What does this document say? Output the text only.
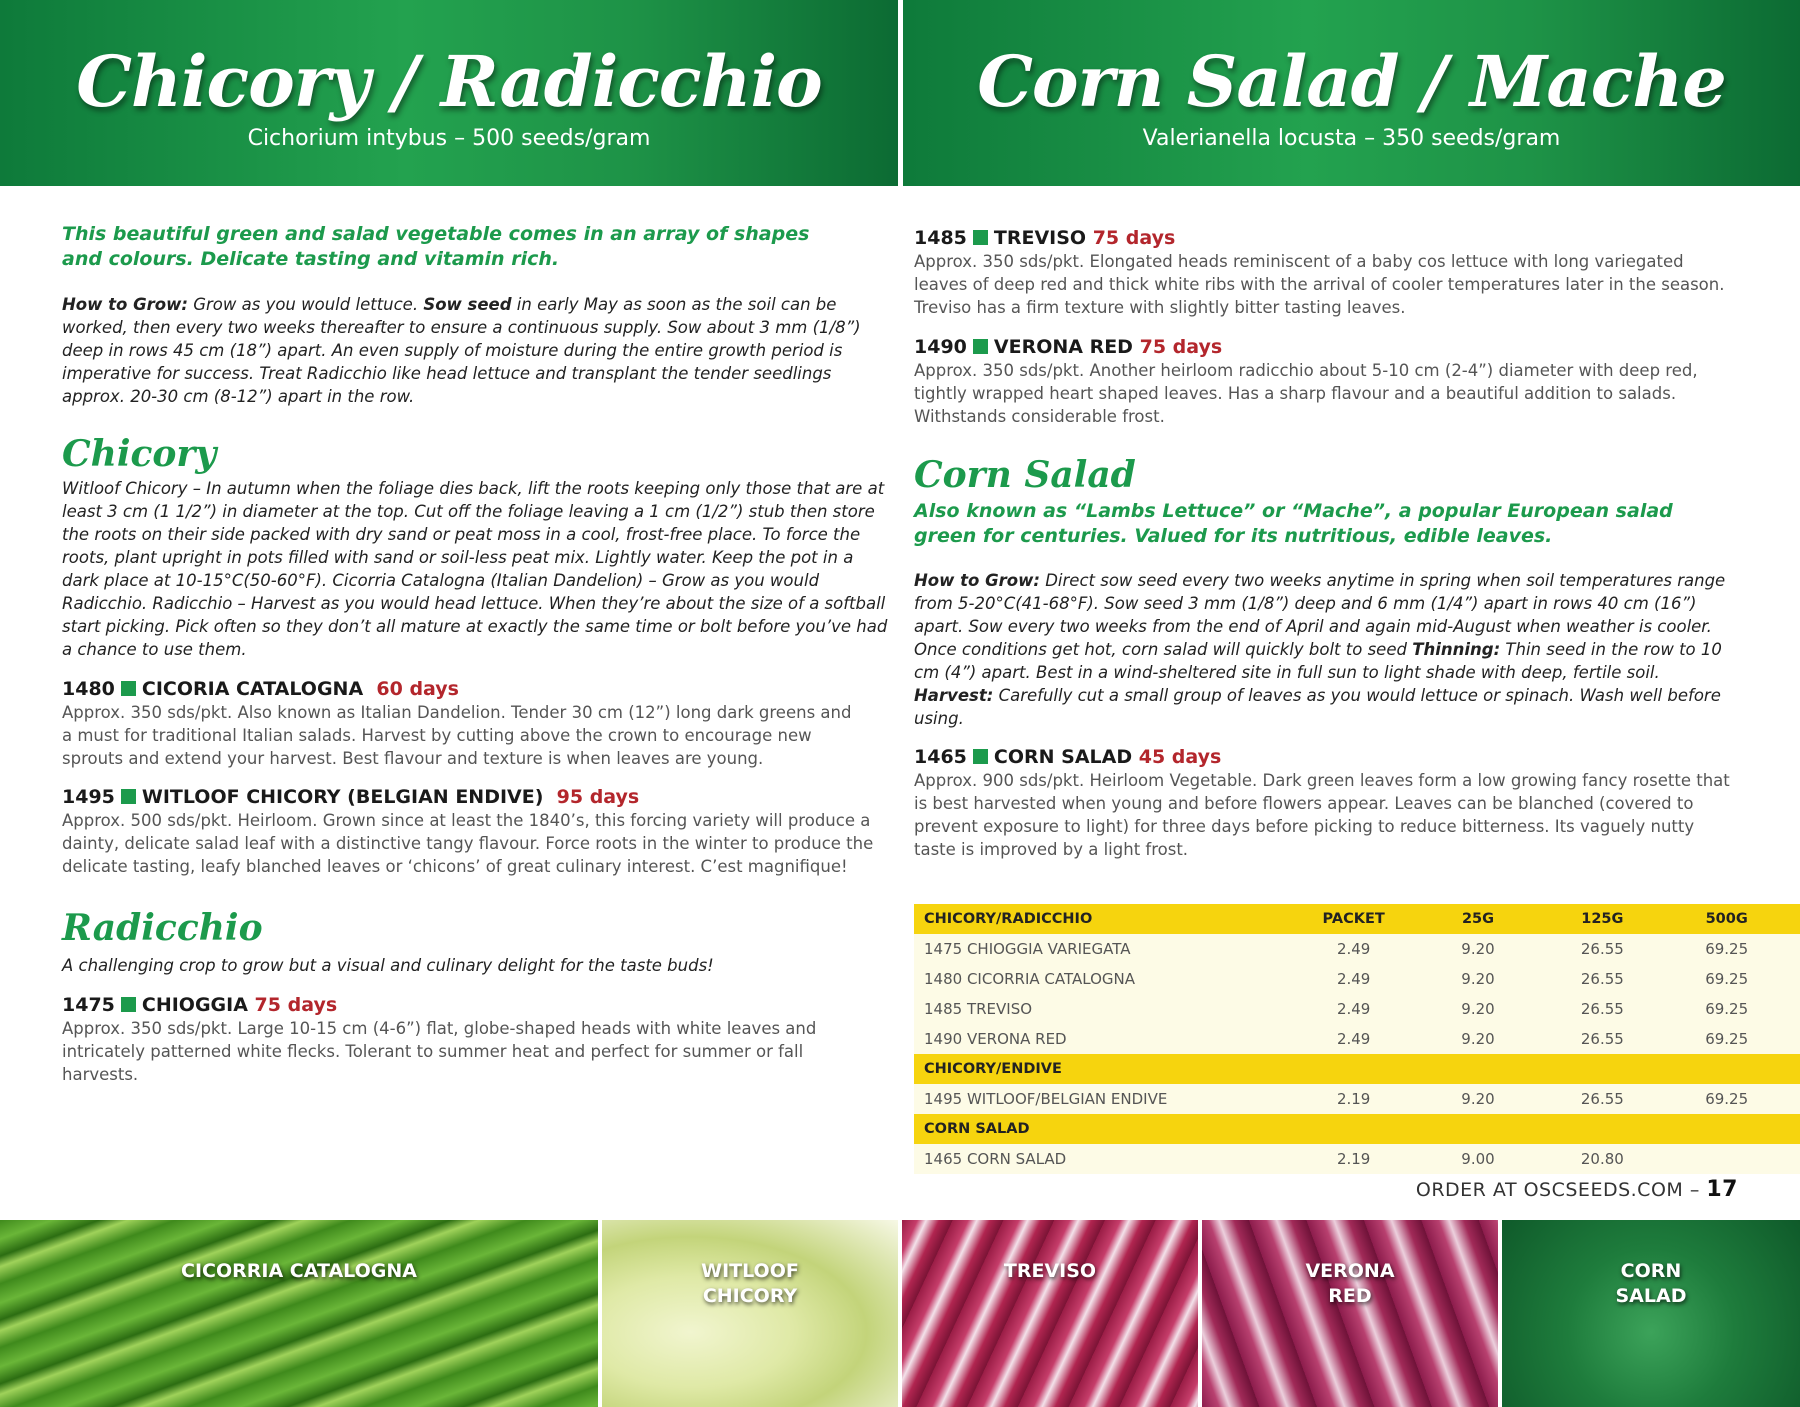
Chicory / Radicchio
Cichorium intybus – 500 seeds/gram
Corn Salad / Mache
Valerianella locusta – 350 seeds/gram
This beautiful green and salad vegetable comes in an array of shapes and colours. Delicate tasting and vitamin rich.

How to Grow: Grow as you would lettuce. Sow seed in early May as soon as the soil can be worked, then every two weeks thereafter to ensure a continuous supply. Sow about 3 mm (1/8”) deep in rows 45 cm (18”) apart. An even supply of moisture during the entire growth period is imperative for success. Treat Radicchio like head lettuce and transplant the tender seedlings approx. 20-30 cm (8-12”) apart in the row.

Chicory

Witloof Chicory – In autumn when the foliage dies back, lift the roots keeping only those that are at least 3 cm (1 1/2”) in diameter at the top. Cut off the foliage leaving a 1 cm (1/2”) stub then store the roots on their side packed with dry sand or peat moss in a cool, frost-free place. To force the roots, plant upright in pots filled with sand or soil-less peat mix. Lightly water. Keep the pot in a dark place at 10-15°C(50-60°F). Cicorria Catalogna (Italian Dandelion) – Grow as you would Radicchio. Radicchio – Harvest as you would head lettuce. When they’re about the size of a softball start picking. Pick often so they don’t all mature at exactly the same time or bolt before you’ve had a chance to use them.

1480 CICORIA CATALOGNA 60 days

Approx. 350 sds/pkt. Also known as Italian Dandelion. Tender 30 cm (12”) long dark greens and a must for traditional Italian salads. Harvest by cutting above the crown to encourage new sprouts and extend your harvest. Best flavour and texture is when leaves are young.

1495 WITLOOF CHICORY (BELGIAN ENDIVE) 95 days

Approx. 500 sds/pkt. Heirloom. Grown since at least the 1840’s, this forcing variety will produce a dainty, delicate salad leaf with a distinctive tangy flavour. Force roots in the winter to produce the delicate tasting, leafy blanched leaves or ‘chicons’ of great culinary interest. C’est magnifique!

Radicchio

A challenging crop to grow but a visual and culinary delight for the taste buds!

1475 CHIOGGIA 75 days

Approx. 350 sds/pkt. Large 10-15 cm (4-6”) flat, globe-shaped heads with white leaves and intricately patterned white flecks. Tolerant to summer heat and perfect for summer or fall harvests.

1485 TREVISO 75 days

Approx. 350 sds/pkt. Elongated heads reminiscent of a baby cos lettuce with long variegated leaves of deep red and thick white ribs with the arrival of cooler temperatures later in the season. Treviso has a firm texture with slightly bitter tasting leaves.

1490 VERONA RED 75 days

Approx. 350 sds/pkt. Another heirloom radicchio about 5-10 cm (2-4”) diameter with deep red, tightly wrapped heart shaped leaves. Has a sharp flavour and a beautiful addition to salads. Withstands considerable frost.

Corn Salad
Also known as “Lambs Lettuce” or “Mache”, a popular European salad green for centuries. Valued for its nutritious, edible leaves.

How to Grow: Direct sow seed every two weeks anytime in spring when soil temperatures range from 5-20°C(41-68°F). Sow seed 3 mm (1/8”) deep and 6 mm (1/4”) apart in rows 40 cm (16”) apart. Sow every two weeks from the end of April and again mid-August when weather is cooler. Once conditions get hot, corn salad will quickly bolt to seed Thinning: Thin seed in the row to 10 cm (4”) apart. Best in a wind-sheltered site in full sun to light shade with deep, fertile soil. Harvest: Carefully cut a small group of leaves as you would lettuce or spinach. Wash well before using.

1465 CORN SALAD 45 days

Approx. 900 sds/pkt. Heirloom Vegetable. Dark green leaves form a low growing fancy rosette that is best harvested when young and before flowers appear. Leaves can be blanched (covered to prevent exposure to light) for three days before picking to reduce bitterness. Its vaguely nutty taste is improved by a light frost.

CHICORY/RADICCHIO	PACKET	25G	125G	500G	
1475 CHIOGGIA VARIEGATA	2.49	9.20	26.55	69.25	
1480 CICORRIA CATALOGNA	2.49	9.20	26.55	69.25	
1485 TREVISO	2.49	9.20	26.55	69.25	
1490 VERONA RED	2.49	9.20	26.55	69.25	
CHICORY/ENDIVE					
1495 WITLOOF/BELGIAN ENDIVE	2.19	9.20	26.55	69.25	
CORN SALAD					
1465 CORN SALAD	2.19	9.00	20.80		
ORDER AT OSCSEEDS.COM – 17
CICORRIA CATALOGNA	WITLOOF
CHICORY
TREVISO	VERONA
RED
CORN
SALAD
